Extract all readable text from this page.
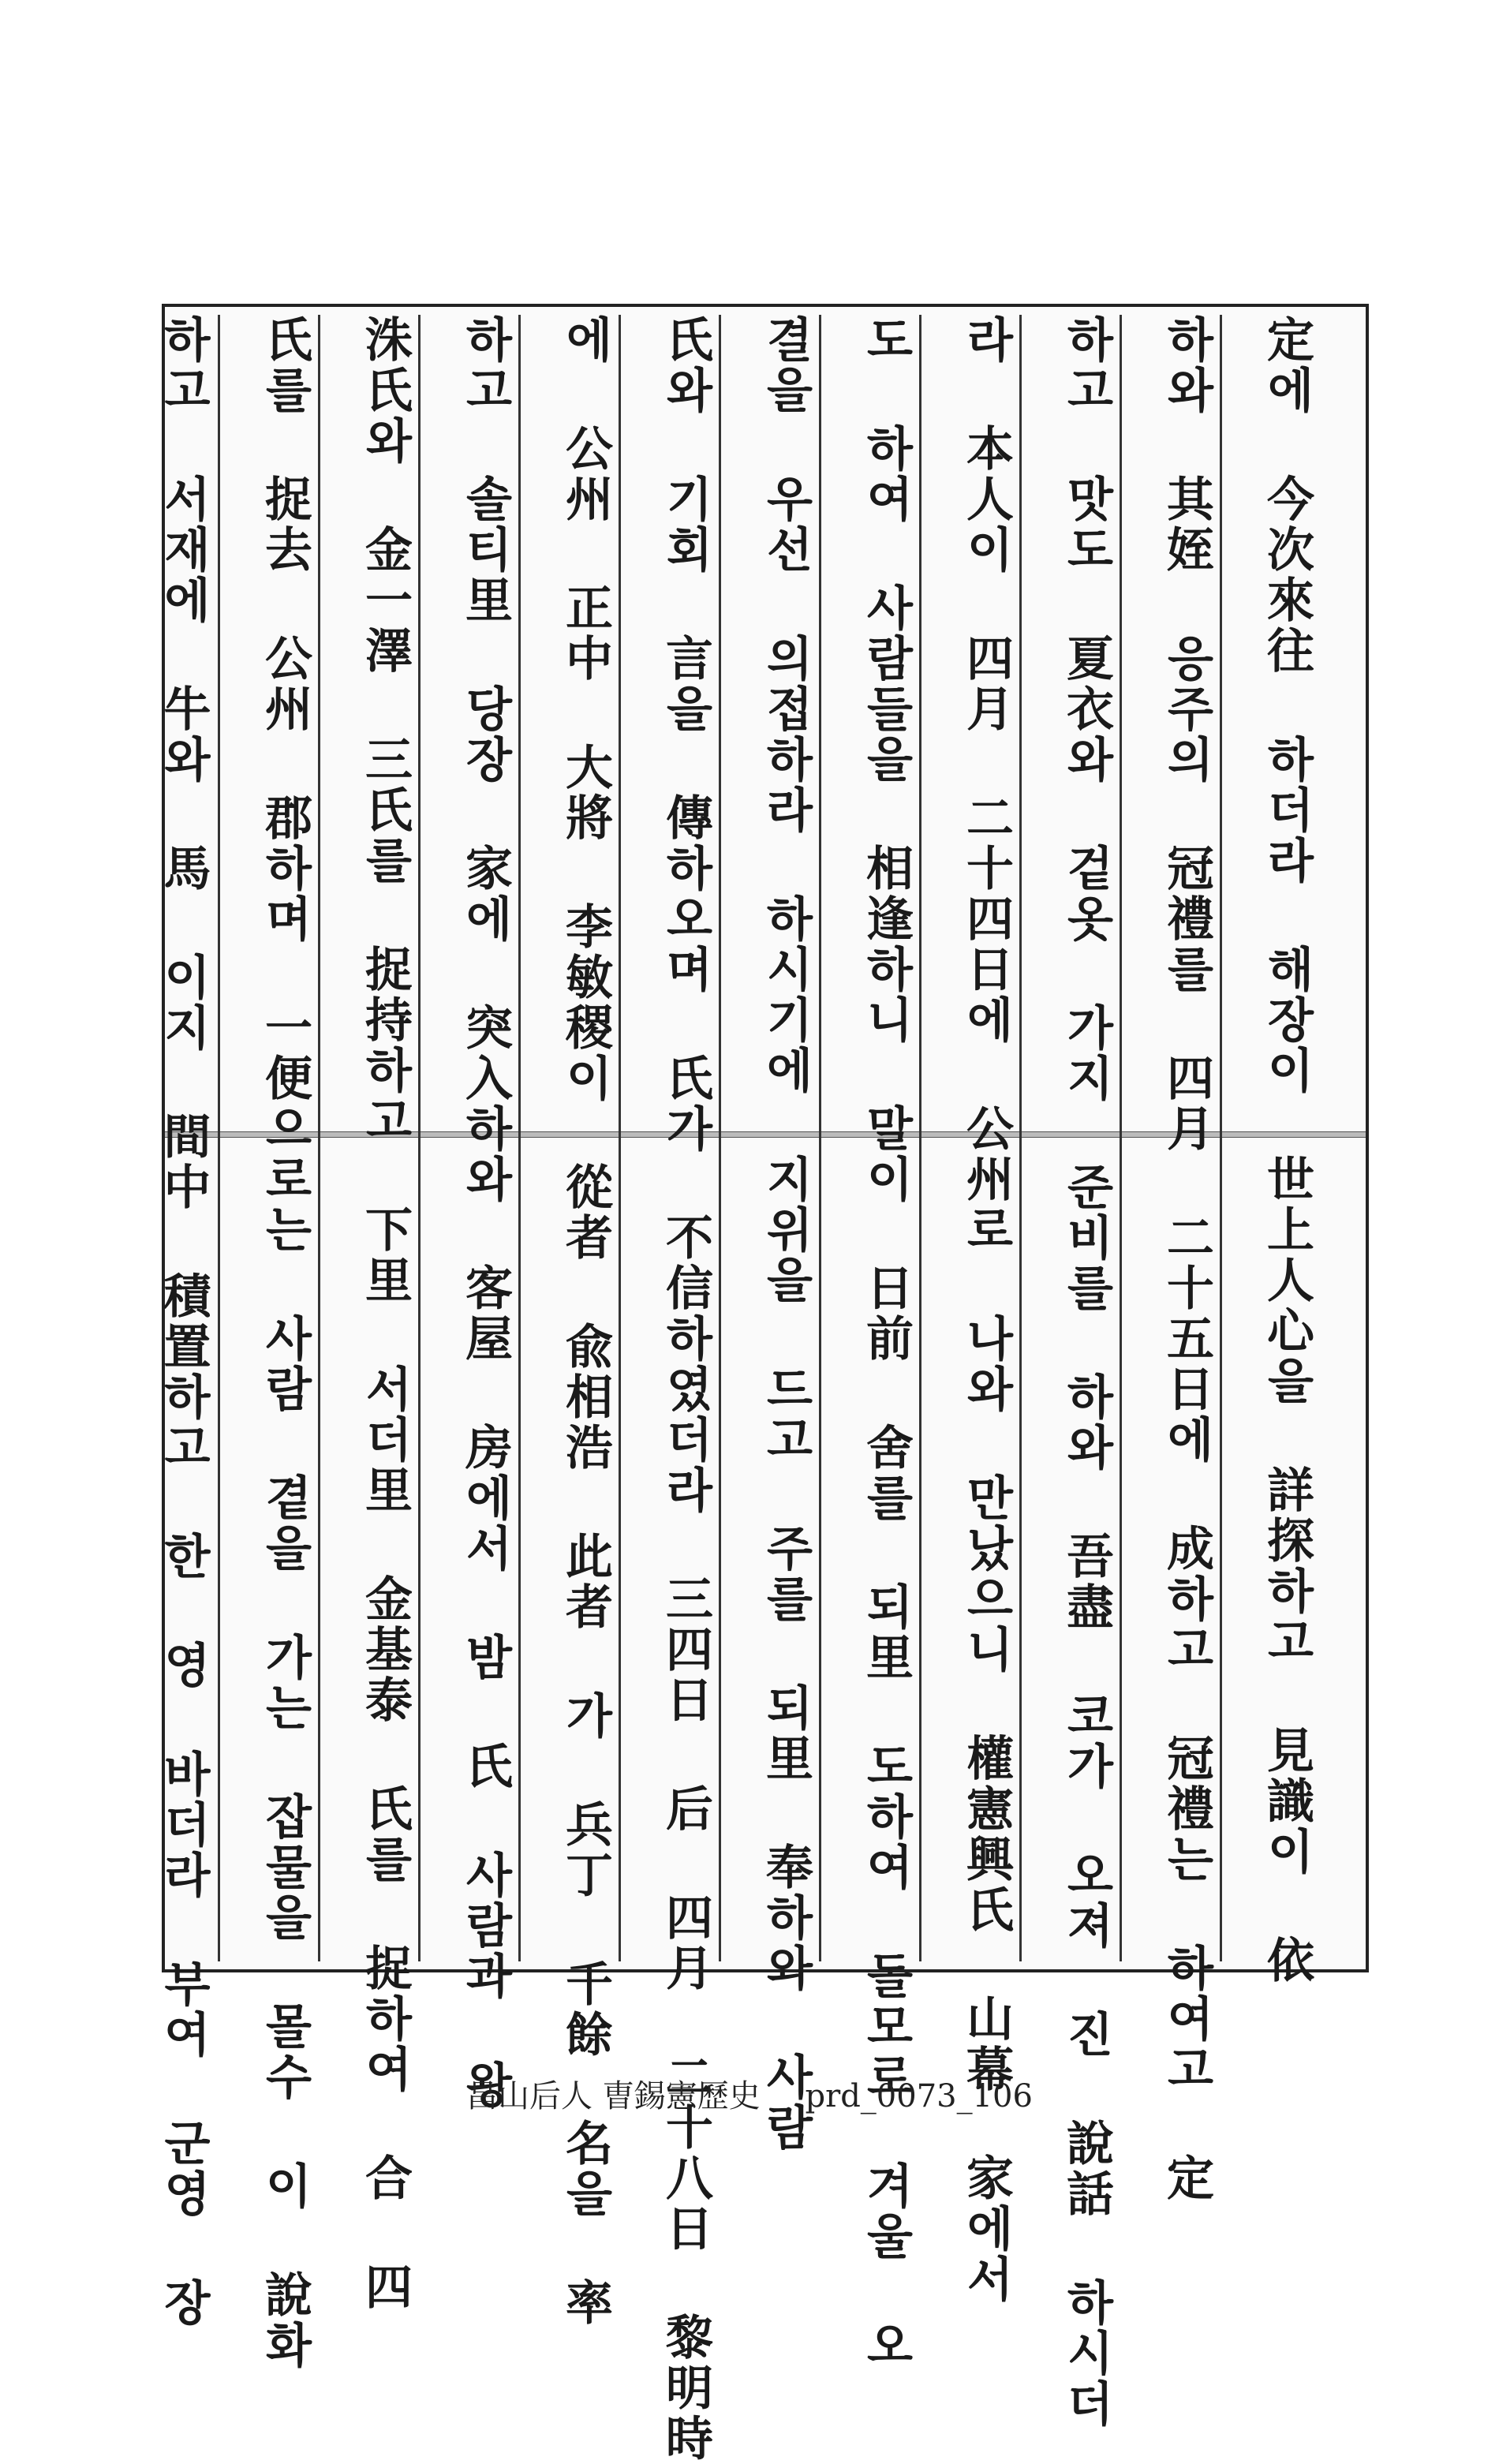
定에 今次來往 하더라 해장이 世上人心을 詳探하고 見識이 依
하와 其姪 응주의 冠禮를 四月 二十五日에 成하고 冠禮는 하여고 定
하고 맛도 夏衣와 겉옷 가지 준비를 하와 吾盡 코가 오져 진 說話 하시더
라 本人이 四月 二十四日에 公州로 나와 만났으니 權憲興氏 山幕 家에서
도 하여 사람들을 相逢하니 말이 日前 舍를 되里 도하여 돌모로 겨울 오
결을 우선 의접하라 하시기에 지위을 드고 주를 되里 奉하와 사람
氏와 기회 言을 傳하오며 氏가 不信하였더라 三四日 后 四月 二十八日 黎明時
에 公州 正中 大將 李敏稷이 從者 兪相浩 此者 가 兵丁 千餘 名을 率
하고 솔티里 당장 家에 突入하와 客屋 房에서 밤 氏 사람과 왕
洙氏와 金一澤 三氏를 捉持하고 下里 서더里 金基泰 氏를 捉하여 合 四
氏를 捉去 公州 郡하며 一便으로는 사람 곁을 가는 잡물을 몰수 이 說화
하고 서재에 牛와 馬 이지 間中 積置하고 한 영 바더라 부여 군영 장	昌山后人 曺錫憲歷史 prd_0073_106
